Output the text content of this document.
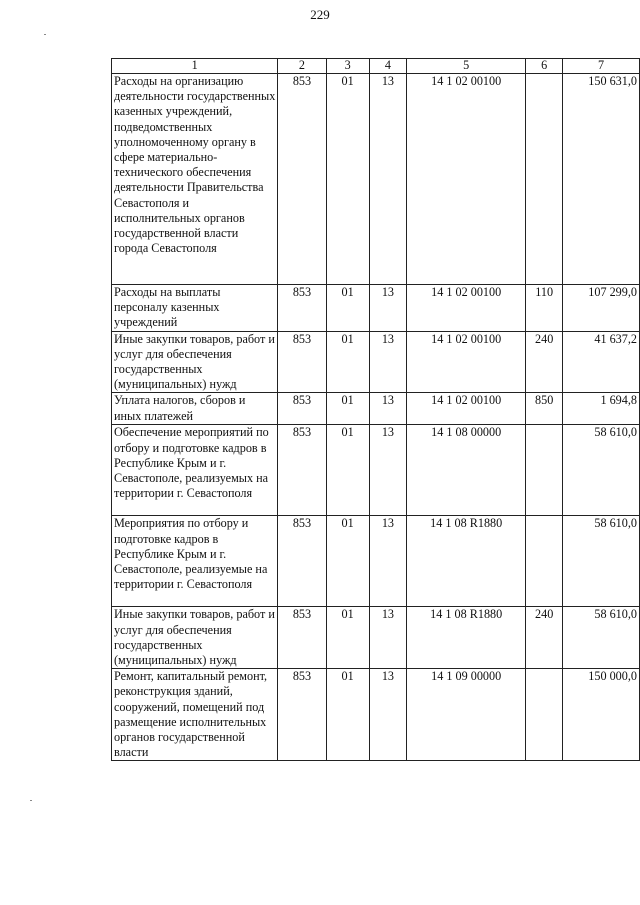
229
1	2	3	4	5	6	7
Расходы на организацию деятельности государственных казенных учреждений, подведомственных уполномоченному органу в сфере материально-технического обеспечения деятельности Правительства Севастополя и исполнительных органов государственной власти города Севастополя	853	01	13	14 1 02 00100		150 631,0
Расходы на выплаты персоналу казенных учреждений	853	01	13	14 1 02 00100	110	107 299,0
Иные закупки товаров, работ и услуг для обеспечения государственных (муниципальных) нужд	853	01	13	14 1 02 00100	240	41 637,2
Уплата налогов, сборов и иных платежей	853	01	13	14 1 02 00100	850	1 694,8
Обеспечение мероприятий по отбору и подготовке кадров в Республике Крым и г. Севастополе, реализуемых на территории г. Севастополя	853	01	13	14 1 08 00000		58 610,0
Мероприятия по отбору и подготовке кадров в Республике Крым и г. Севастополе, реализуемые на территории г. Севастополя	853	01	13	14 1 08 R1880		58 610,0
Иные закупки товаров, работ и услуг для обеспечения государственных (муниципальных) нужд	853	01	13	14 1 08 R1880	240	58 610,0
Ремонт, капитальный ремонт, реконструкция зданий, сооружений, помещений под размещение исполнительных органов государственной власти	853	01	13	14 1 09 00000		150 000,0
